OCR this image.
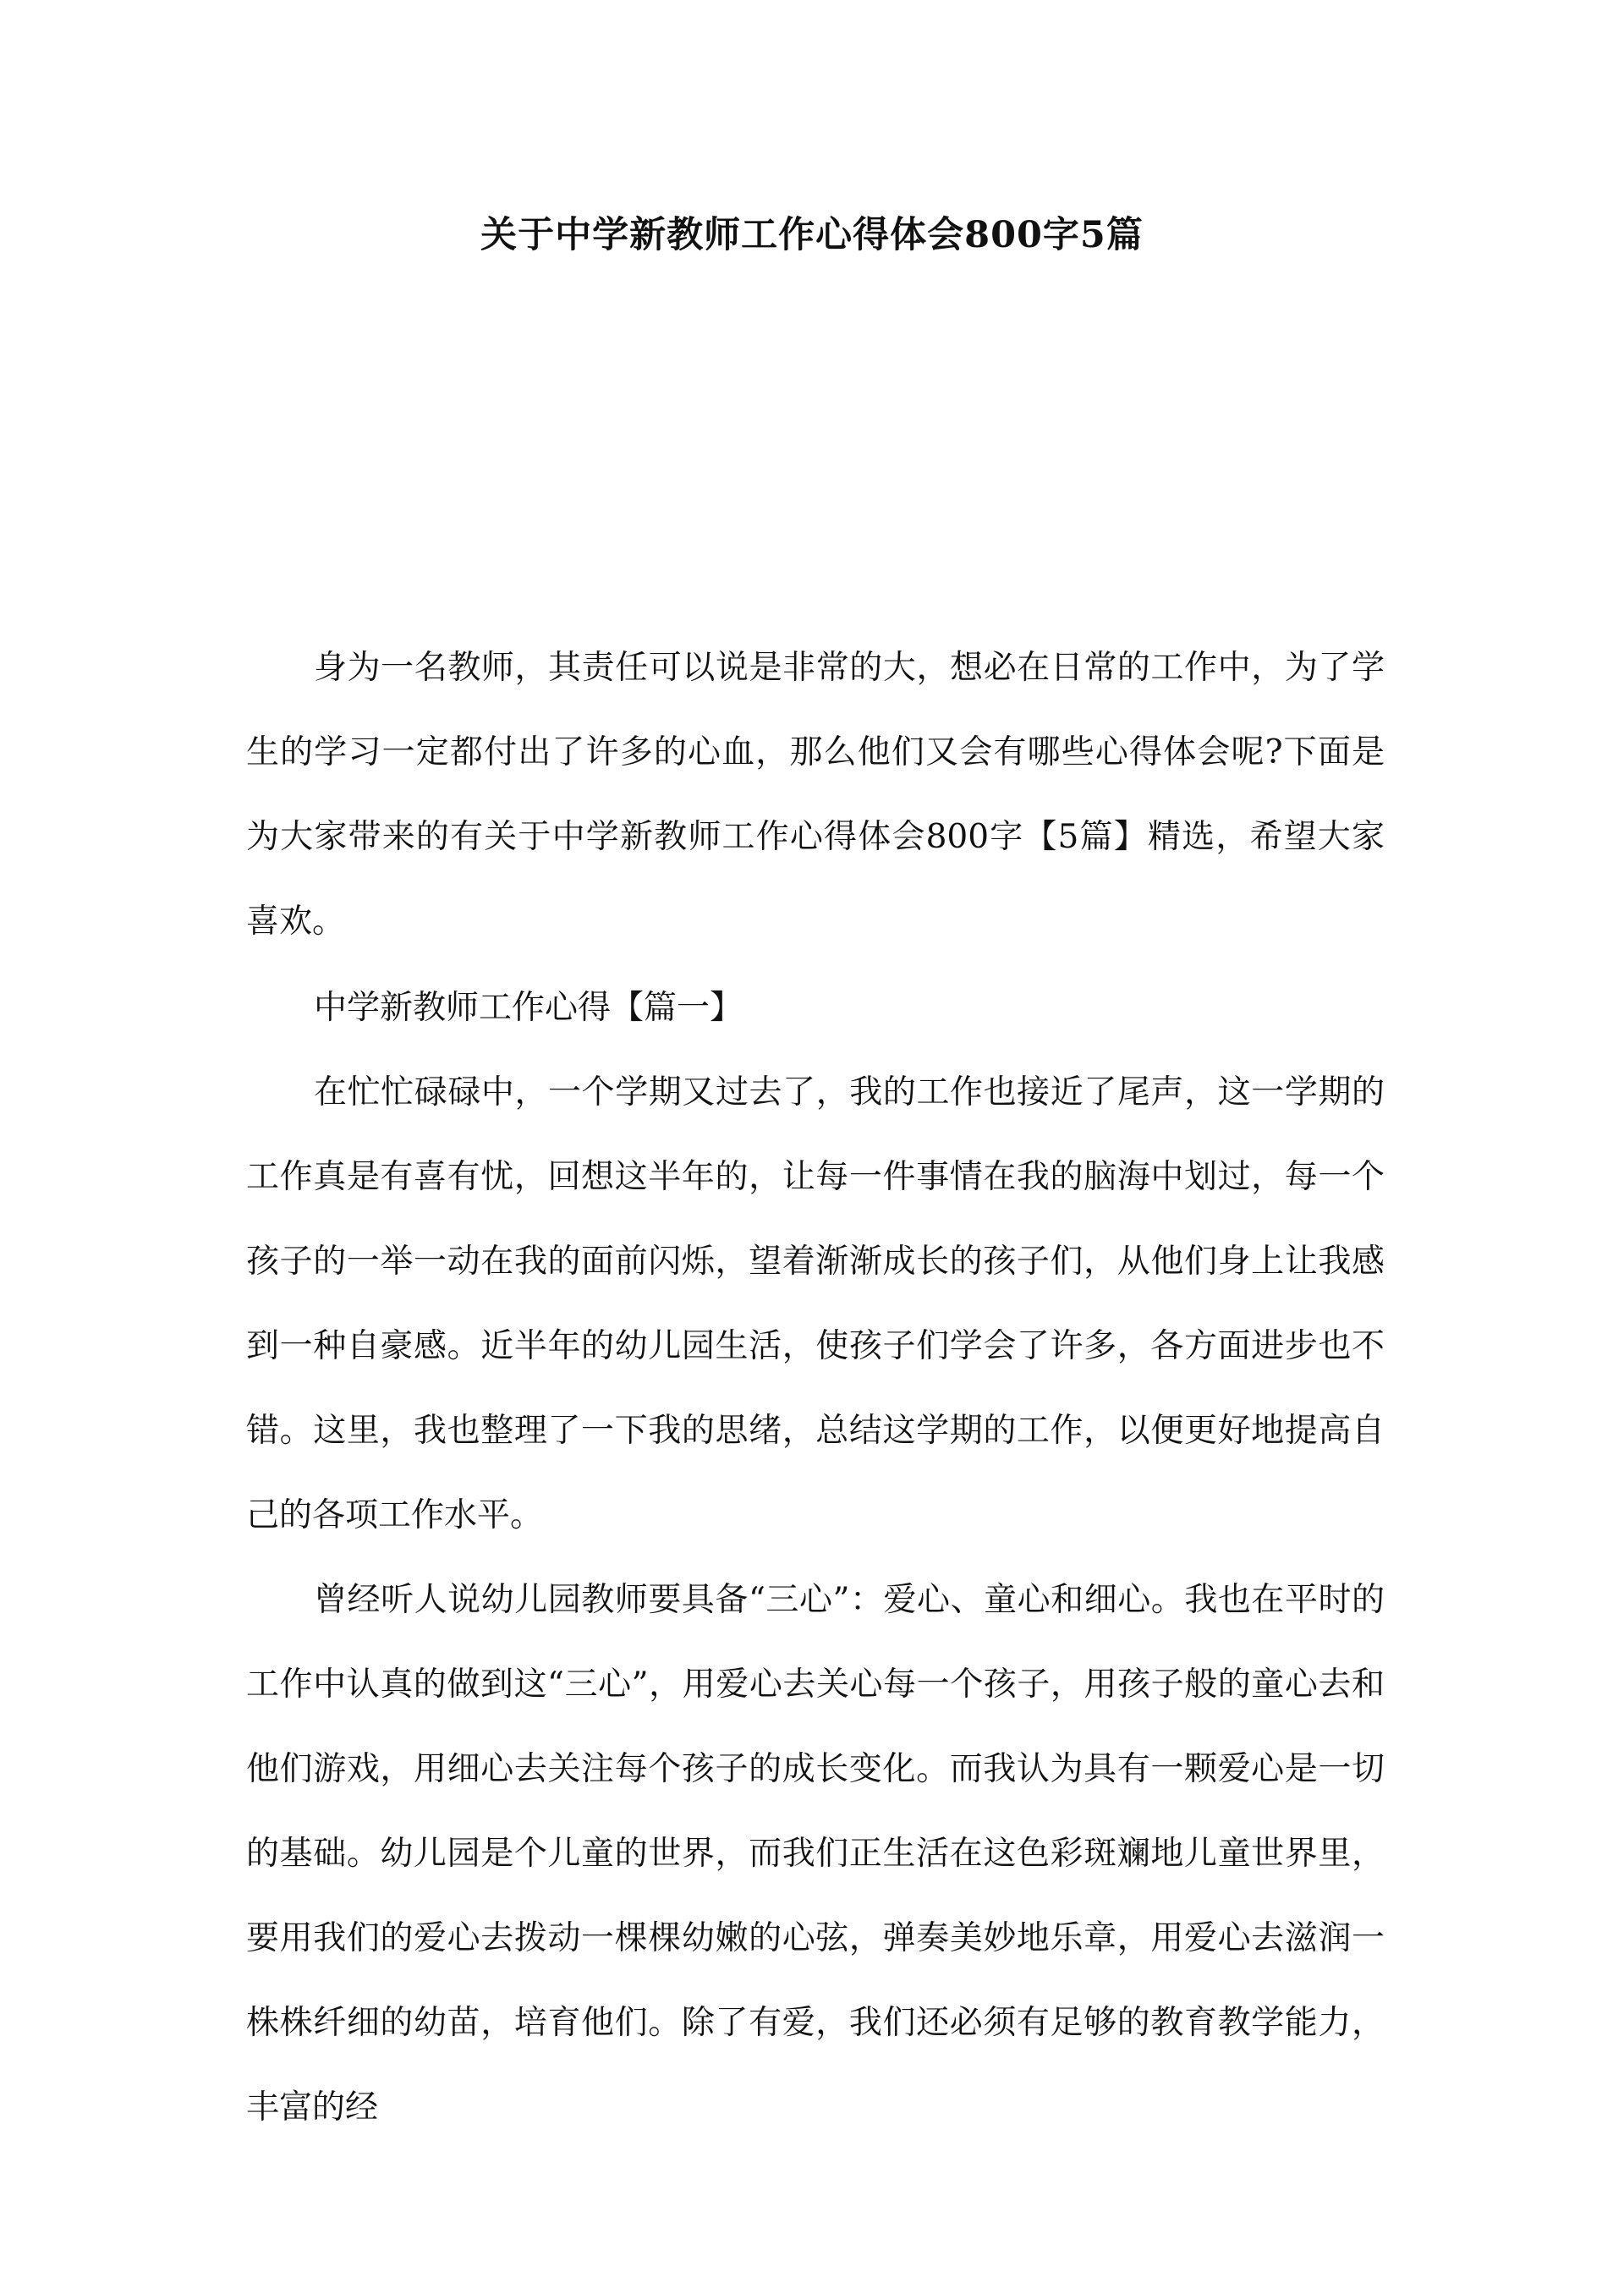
关于中学新教师工作心得体会800字5篇

身为一名教师，其责任可以说是非常的大，想必在日常的工作中，为了学生的学习一定都付出了许多的心血，那么他们又会有哪些心得体会呢?下面是为大家带来的有关于中学新教师工作心得体会800字【5篇】精选，希望大家喜欢。

中学新教师工作心得【篇一】

在忙忙碌碌中，一个学期又过去了，我的工作也接近了尾声，这一学期的工作真是有喜有忧，回想这半年的，让每一件事情在我的脑海中划过，每一个孩子的一举一动在我的面前闪烁，望着渐渐成长的孩子们，从他们身上让我感到一种自豪感。近半年的幼儿园生活，使孩子们学会了许多，各方面进步也不错。这里，我也整理了一下我的思绪，总结这学期的工作，以便更好地提高自己的各项工作水平。

曾经听人说幼儿园教师要具备“三心”：爱心、童心和细心。我也在平时的工作中认真的做到这“三心”，用爱心去关心每一个孩子，用孩子般的童心去和他们游戏，用细心去关注每个孩子的成长变化。而我认为具有一颗爱心是一切的基础。幼儿园是个儿童的世界，而我们正生活在这色彩斑斓地儿童世界里，要用我们的爱心去拨动一棵棵幼嫩的心弦，弹奏美妙地乐章，用爱心去滋润一株株纤细的幼苗，培育他们。除了有爱，我们还必须有足够的教育教学能力，丰富的经
